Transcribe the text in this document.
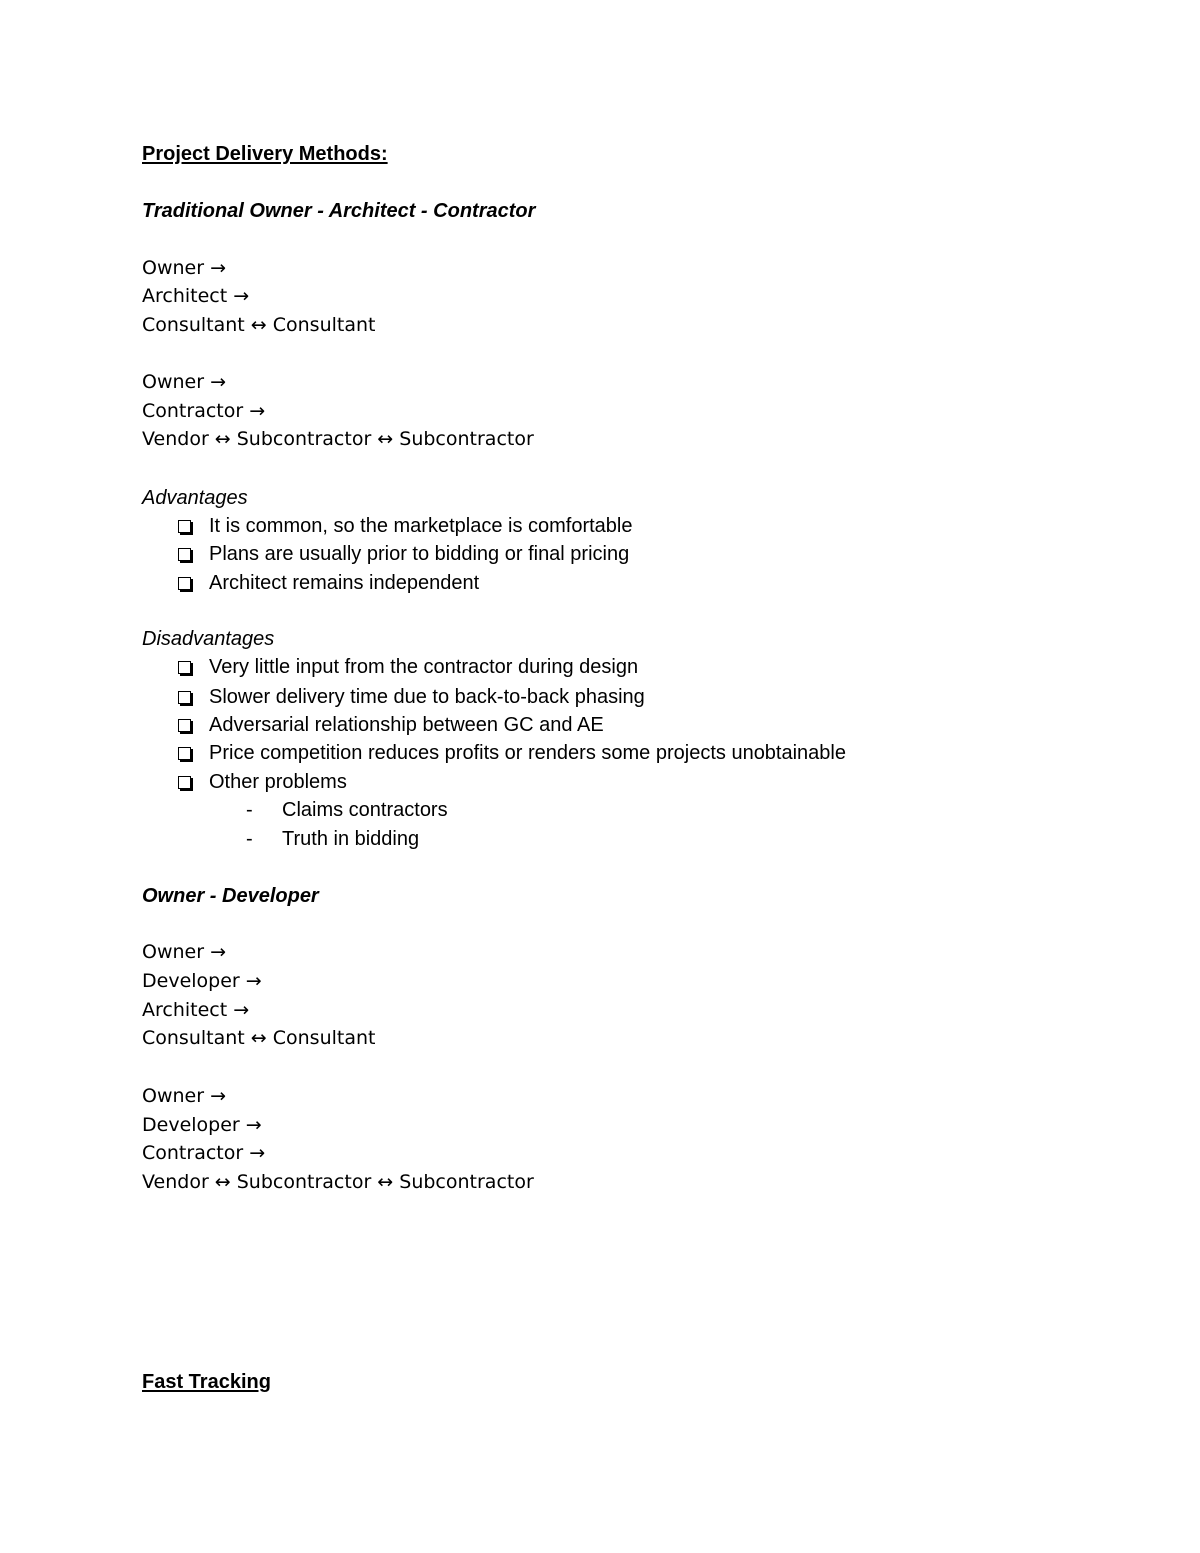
Project Delivery Methods:
Traditional Owner - Architect - Contractor
Owner →
Architect →
Consultant ↔ Consultant
Owner →
Contractor →
Vendor ↔ Subcontractor ↔ Subcontractor
Advantages
It is common, so the marketplace is comfortable
Plans are usually prior to bidding or final pricing
Architect remains independent
Disadvantages
Very little input from the contractor during design
Slower delivery time due to back-to-back phasing
Adversarial relationship between GC and AE
Price competition reduces profits or renders some projects unobtainable
Other problems
-	Claims contractors
-	Truth in bidding
Owner - Developer
Owner →
Developer →
Architect →
Consultant ↔ Consultant
Owner →
Developer →
Contractor →
Vendor ↔ Subcontractor ↔ Subcontractor
Fast Tracking
